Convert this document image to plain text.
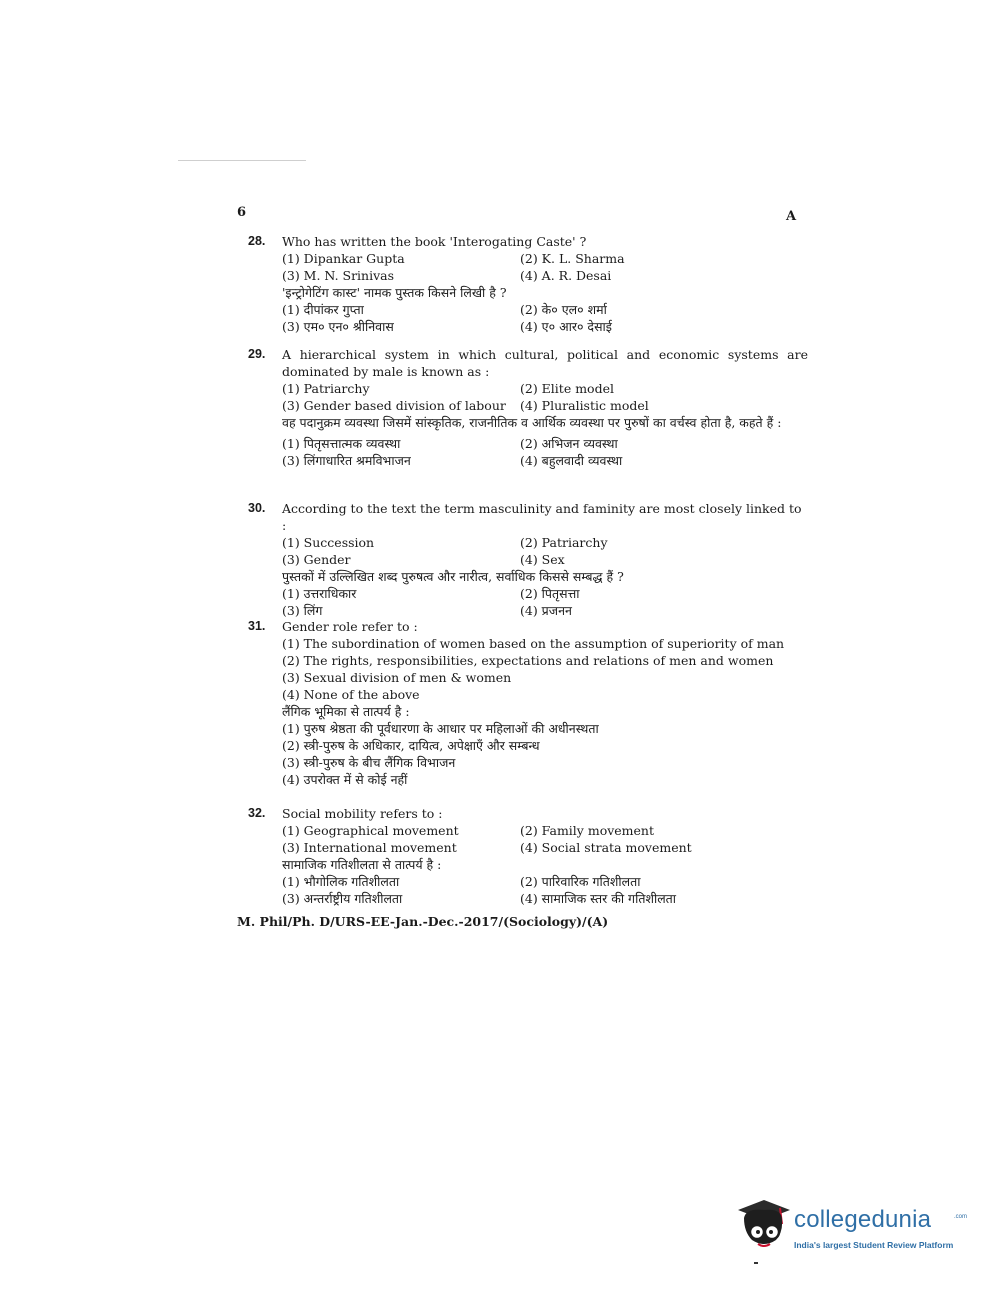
6	A
28. Who has written the book 'Interogating Caste' ?
(1) Dipankar Gupta	(2) K. L. Sharma
(3) M. N. Srinivas	(4) A. R. Desai
'इन्ट्रोगेटिंग कास्ट' नामक पुस्तक किसने लिखी है ?
(1) दीपांकर गुप्ता	(2) के० एल० शर्मा
(3) एम० एन० श्रीनिवास	(4) ए० आर० देसाई
29. A hierarchical system in which cultural, political and economic systems are dominated by male is known as :
(1) Patriarchy	(2) Elite model
(3) Gender based division of labour	(4) Pluralistic model
वह पदानुक्रम व्यवस्था जिसमें सांस्कृतिक, राजनीतिक व आर्थिक व्यवस्था पर पुरुषों का वर्चस्व होता है, कहते हैं :
(1) पितृसत्तात्मक व्यवस्था	(2) अभिजन व्यवस्था
(3) लिंगाधारित श्रमविभाजन	(4) बहुलवादी व्यवस्था
30. According to the text the term masculinity and faminity are most closely linked to :
(1) Succession	(2) Patriarchy
(3) Gender	(4) Sex
पुस्तकों में उल्लिखित शब्द पुरुषत्व और नारीत्व, सर्वाधिक किससे सम्बद्ध हैं ?
(1) उत्तराधिकार	(2) पितृसत्ता
(3) लिंग	(4) प्रजनन
31. Gender role refer to :
(1) The subordination of women based on the assumption of superiority of man
(2) The rights, responsibilities, expectations and relations of men and women
(3) Sexual division of men & women
(4) None of the above
लैंगिक भूमिका से तात्पर्य है :
(1) पुरुष श्रेष्ठता की पूर्वधारणा के आधार पर महिलाओं की अधीनस्थता
(2) स्त्री-पुरुष के अधिकार, दायित्व, अपेक्षाएँ और सम्बन्ध
(3) स्त्री-पुरुष के बीच लैंगिक विभाजन
(4) उपरोक्त में से कोई नहीं
32. Social mobility refers to :
(1) Geographical movement	(2) Family movement
(3) International movement	(4) Social strata movement
सामाजिक गतिशीलता से तात्पर्य है :
(1) भौगोलिक गतिशीलता	(2) पारिवारिक गतिशीलता
(3) अन्तर्राष्ट्रीय गतिशीलता	(4) सामाजिक स्तर की गतिशीलता
M. Phil/Ph. D/URS-EE-Jan.-Dec.-2017/(Sociology)/(A)
collegedunia	.com
India's largest Student Review Platform
